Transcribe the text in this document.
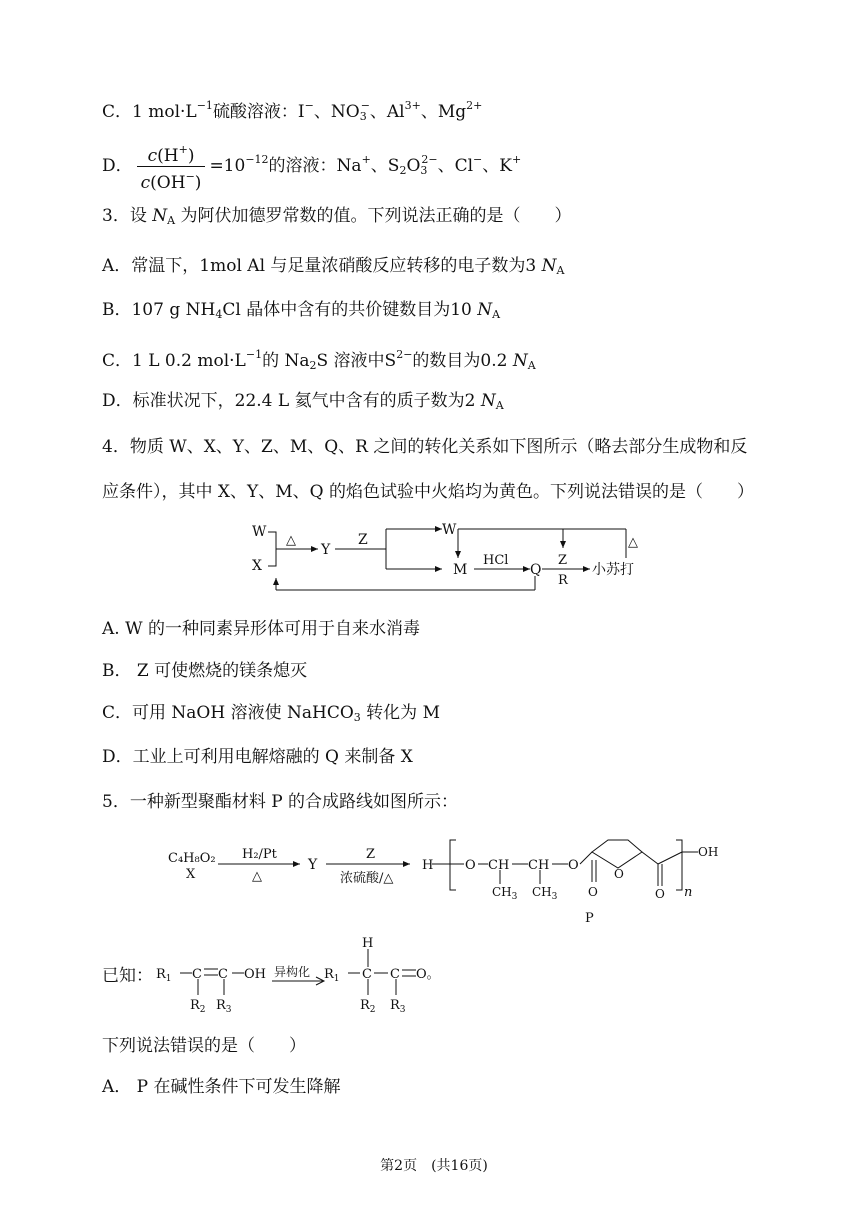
C．1 $mol\cdot L^{-1}$硫酸溶液：I−、$NO_3^-$、$Al^{3+}$、$Mg^{2+}$
D． $\frac{c(H^+)}{c(OH^-)} =10^{-12}$的溶液：Na+、$S_2O_3^{2-}$、Cl−、K+
3．设 $N_A$ 为阿伏加德罗常数的值。下列说法正确的是（　　）
A．常温下，1mol Al 与足量浓硝酸反应转移的电子数为3 $N_A$
B．107 g $NH_4Cl$ 晶体中含有的共价键数目为10 $N_A$
C．1 L 0.2 $mol\cdot L^{-1}$的 $Na_2S$ 溶液中$S^{2-}$的数目为0.2 $N_A$
D．标准状况下，22.4 L 氦气中含有的质子数为2 $N_A$
4．物质 W、X、Y、Z、M、Q、R 之间的转化关系如下图所示（略去部分生成物和反
应条件），其中 X、Y、M、Q 的焰色试验中火焰均为黄色。下列说法错误的是（　　）
W
X
△
Y
Z
W
M
HCl
Q
Z
R
小苏打
△
A. W 的一种同素异形体可用于自来水消毒
B． Z 可使燃烧的镁条熄灭
C．可用 NaOH 溶液使 NaHCO$_3$ 转化为 M
D．工业上可利用电解熔融的 Q 来制备 X
5．一种新型聚酯材料 P 的合成路线如图所示：
C₄H₈O₂
X
H₂/Pt
△
Y
Z
浓硫酸/△
H O CH CH O
$CH_3$ $CH_3$
O
O	O
OH
n
P
已知： $R_1$ C C OH
$R_2$ $R_3$
异构化 $R_1$
H
C C O。
$R_2$ $R_3$
下列说法错误的是（　　）
A． P 在碱性条件下可发生降解
第2页　(共16页)
